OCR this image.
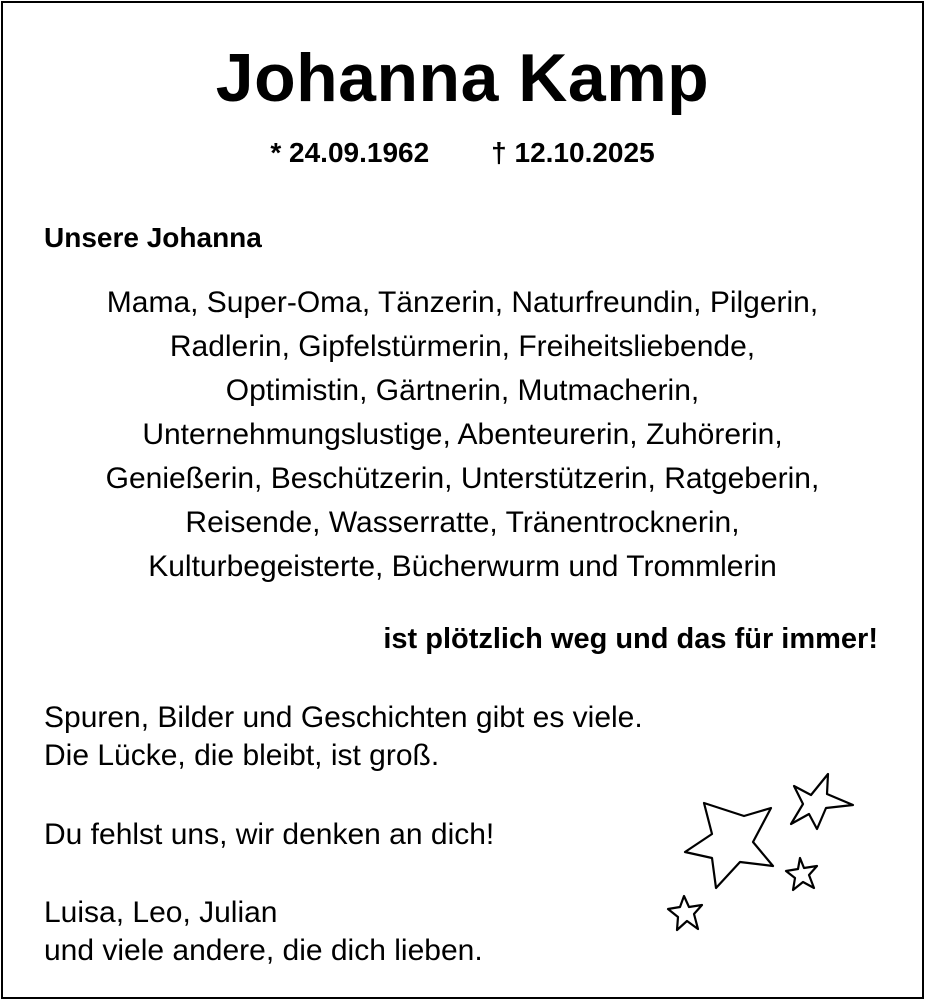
Johanna Kamp
* 24.09.1962 † 12.10.2025
Unsere Johanna
Mama, Super-Oma, Tänzerin, Naturfreundin, Pilgerin,
Radlerin, Gipfelstürmerin, Freiheitsliebende,
Optimistin, Gärtnerin, Mutmacherin,
Unternehmungslustige, Abenteurerin, Zuhörerin,
Genießerin, Beschützerin, Unterstützerin, Ratgeberin,
Reisende, Wasserratte, Tränentrocknerin,
Kulturbegeisterte, Bücherwurm und Trommlerin
ist plötzlich weg und das für immer!
Spuren, Bilder und Geschichten gibt es viele.
Die Lücke, die bleibt, ist groß.
Du fehlst uns, wir denken an dich!
Luisa, Leo, Julian
und viele andere, die dich lieben.
